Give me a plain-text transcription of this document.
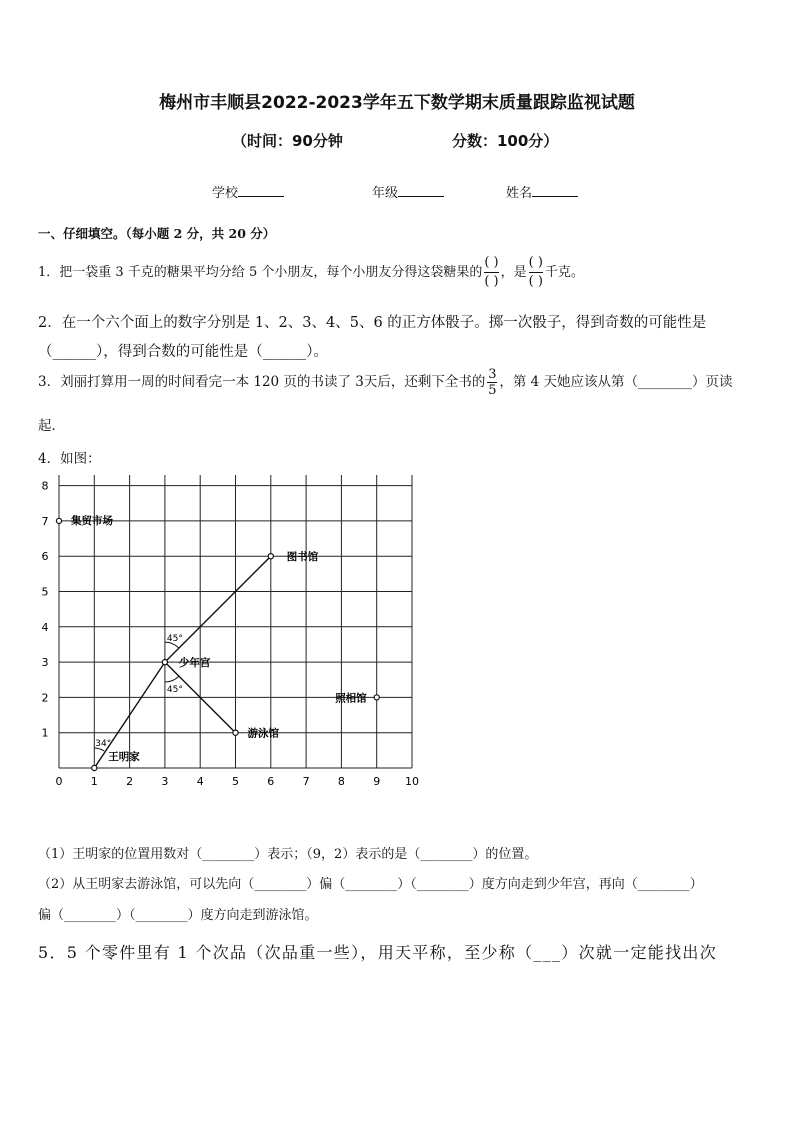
梅州市丰顺县2022-2023学年五下数学期末质量跟踪监视试题
（时间：90分钟	分数：100分）
学校	年级	姓名
一、仔细填空。（每小题 2 分，共 20 分）
1．把一袋重 3 千克的糖果平均分给 5 个小朋友，每个小朋友分得这袋糖果的 $\frac{( )}{( )}$ ，是 $\frac{( )}{( )}$ 千克。
2．在一个六个面上的数字分别是 1、2、3、4、5、6 的正方体骰子。掷一次骰子，得到奇数的可能性是
（______），得到合数的可能性是（______）。
3．刘丽打算用一周的时间看完一本 120 页的书读了 3天后，还剩下全书的 $\frac{3}{5}$ ，第 4 天她应该从第（________）页读
起．
4．如图：
0	1	2	3	4	5	6	7	8	9 10
1
2
3
4
5
6
7
8
45°
45°
34°
集贸市场
图书馆
少年宫
照相馆
游泳馆
王明家
（1）王明家的位置用数对（________）表示；（9，2）表示的是（________）的位置。
（2）从王明家去游泳馆，可以先向（________）偏（________）（________）度方向走到少年宫，再向（________）
偏（________）（________）度方向走到游泳馆。
5．5 个零件里有 1 个次品（次品重一些），用天平称，至少称（___）次就一定能找出次
